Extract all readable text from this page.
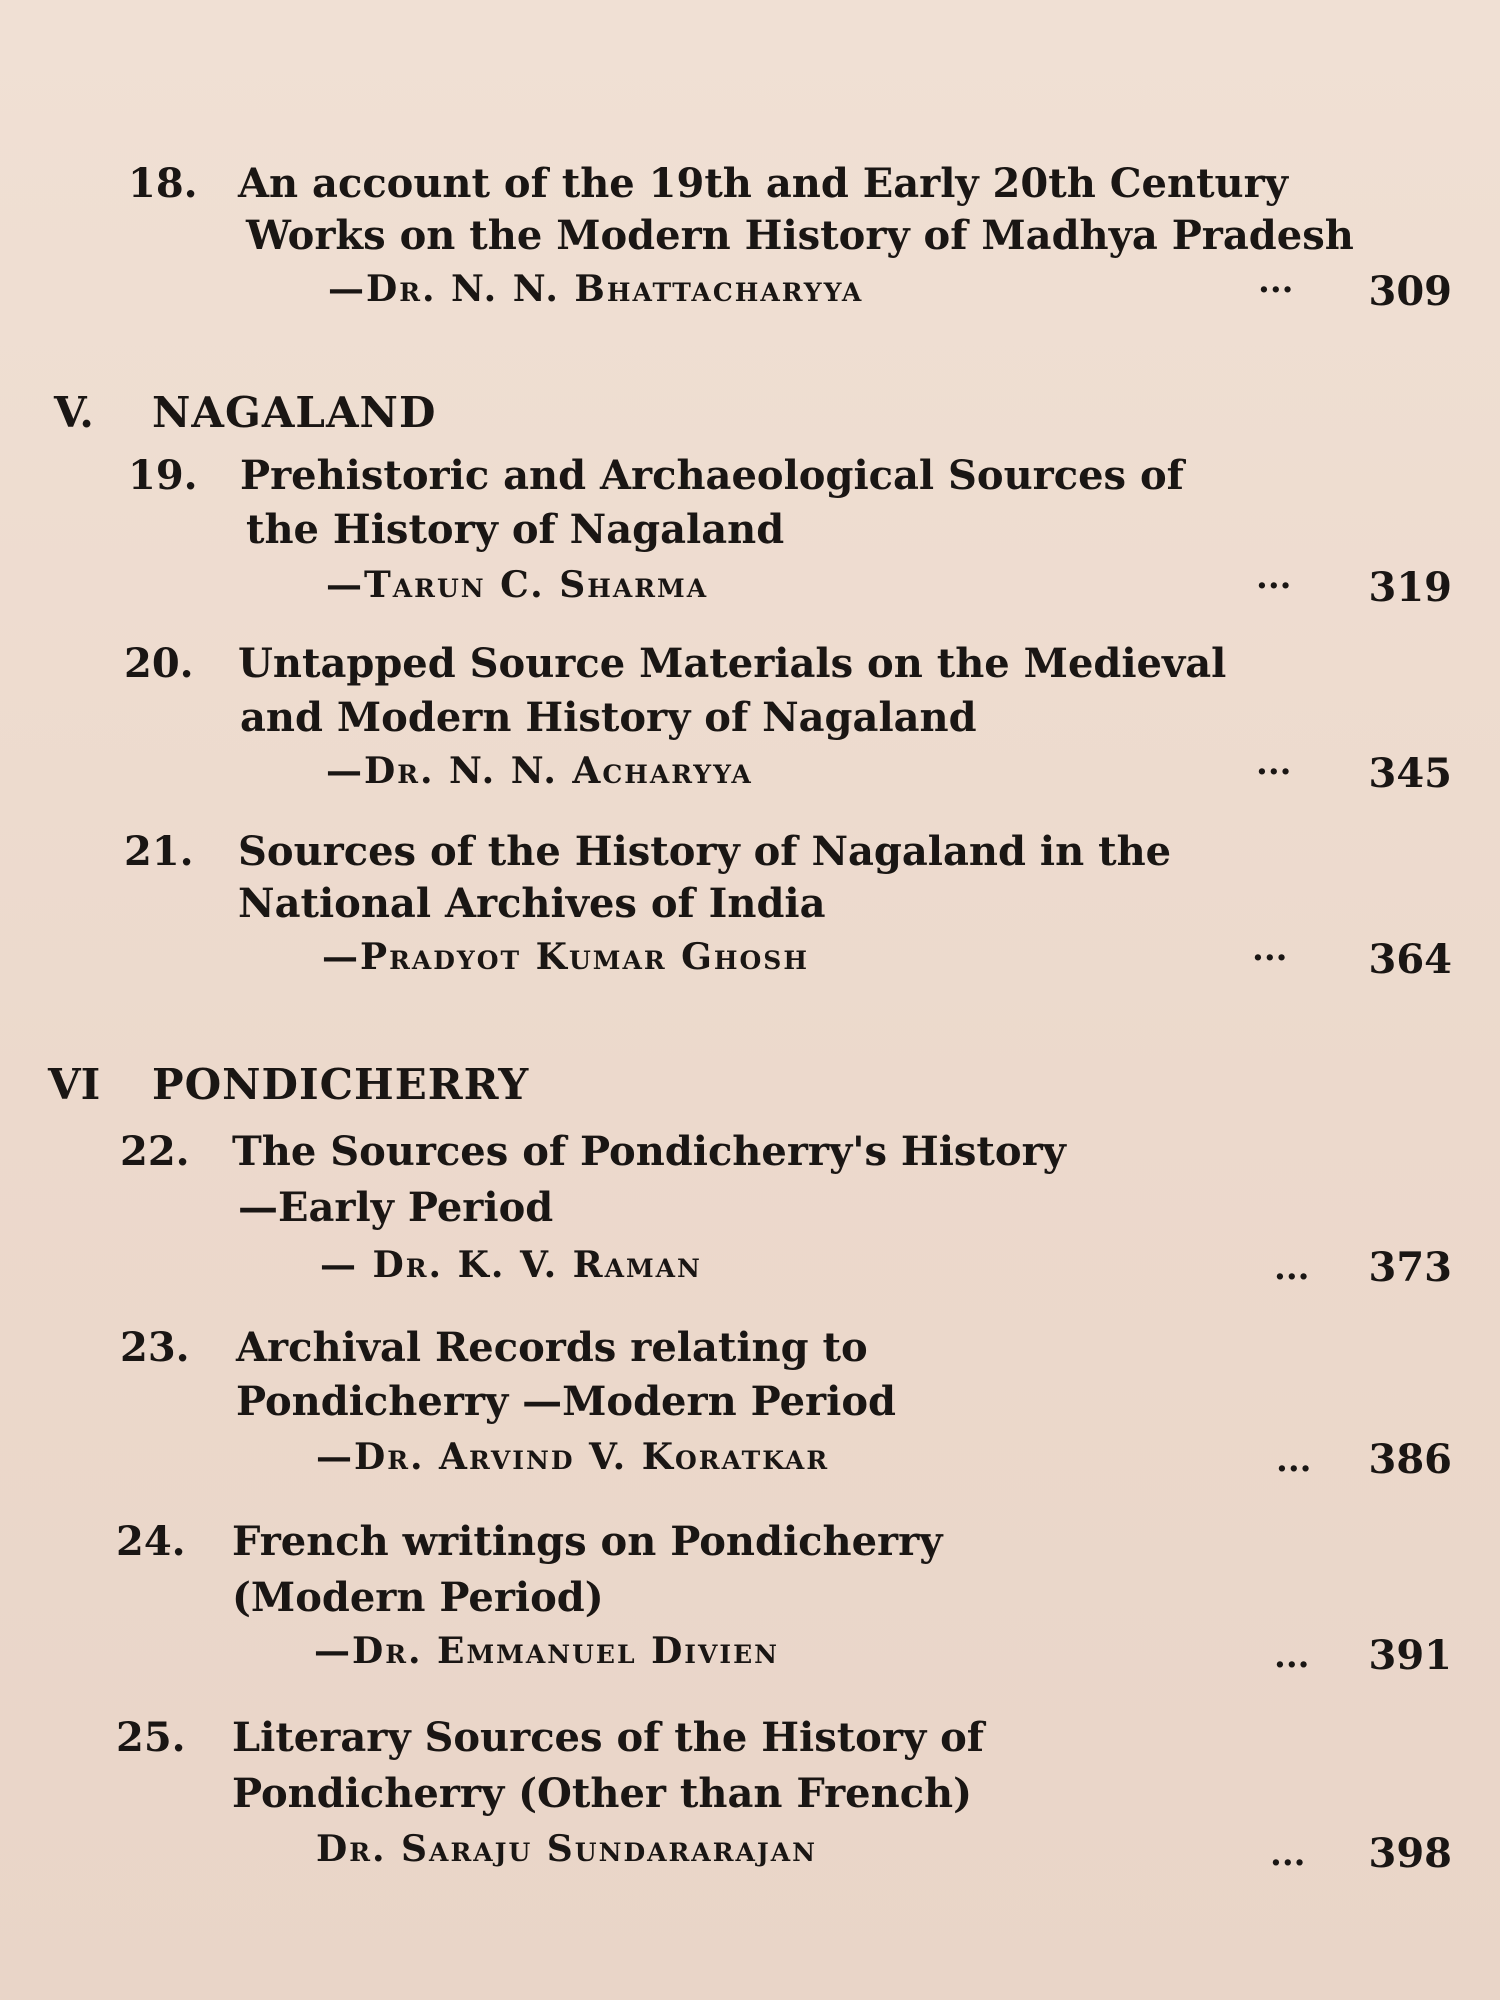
18. An account of the 19th and Early 20th Century
Works on the Modern History of Madhya Pradesh
—Dr. N. N. Bhattacharyya	··· 309
V. NAGALAND
19. Prehistoric and Archaeological Sources of
the History of Nagaland
—Tarun C. Sharma	··· 319
20. Untapped Source Materials on the Medieval
and Modern History of Nagaland
—Dr. N. N. Acharyya	··· 345
21. Sources of the History of Nagaland in the
National Archives of India
—Pradyot Kumar Ghosh	··· 364
VI PONDICHERRY
22. The Sources of Pondicherry's History
—Early Period
— Dr. K. V. Raman	... 373
23. Archival Records relating to
Pondicherry —Modern Period
—Dr. Arvind V. Koratkar	... 386
24. French writings on Pondicherry
(Modern Period)
—Dr. Emmanuel Divien	... 391
25. Literary Sources of the History of
Pondicherry (Other than French)
Dr. Saraju Sundararajan	... 398
